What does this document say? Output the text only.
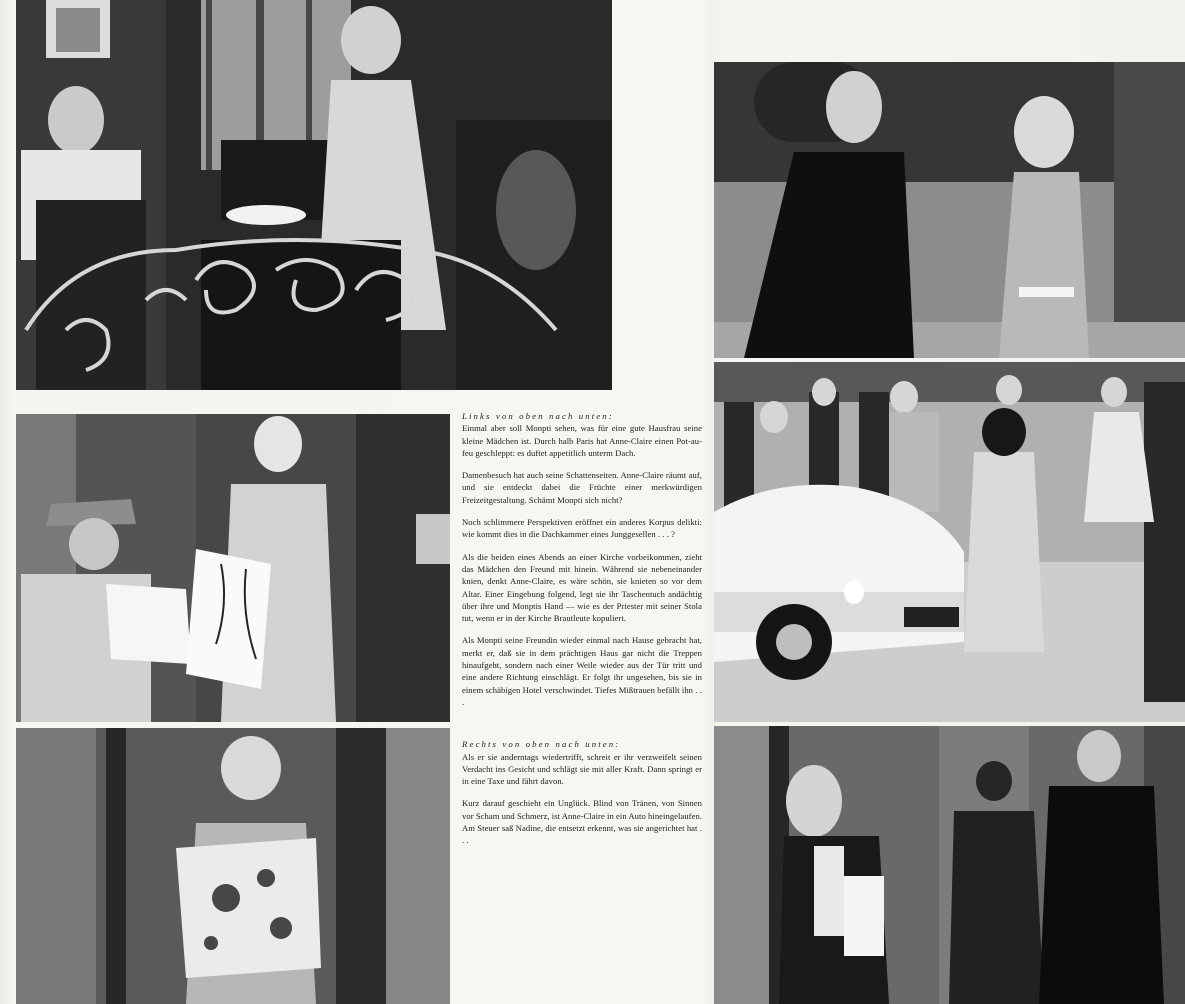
Links von oben nach unten:

Einmal aber soll Monpti sehen, was für eine gute Hausfrau seine kleine Mädchen ist. Durch halb Paris hat Anne-Claire einen Pot-au-feu geschleppt: es duftet appetitlich unterm Dach.

Damenbesuch hat auch seine Schattenseiten. Anne-Claire räumt auf, und sie entdeckt dabei die Früchte einer merkwürdigen Freizeitgestaltung. Schämt Monpti sich nicht?

Noch schlimmere Perspektiven eröffnet ein anderes Korpus delikti: wie kommt dies in die Dachkammer eines Junggesellen . . . ?

Als die beiden eines Abends an einer Kirche vorbeikommen, zieht das Mädchen den Freund mit hinein. Während sie nebeneinander knien, denkt Anne-Claire, es wäre schön, sie knieten so vor dem Altar. Einer Eingebung folgend, legt sie ihr Taschentuch andächtig über ihre und Monptis Hand — wie es der Priester mit seiner Stola tut, wenn er in der Kirche Brautleute kopuliert.

Als Monpti seine Freundin wieder einmal nach Hause gebracht hat, merkt er, daß sie in dem prächtigen Haus gar nicht die Treppen hinaufgeht, sondern nach einer Weile wieder aus der Tür tritt und eine andere Richtung einschlägt. Er folgt ihr ungesehen, bis sie in einem schäbigen Hotel verschwindet. Tiefes Mißtrauen befällt ihn . . .

Rechts von oben nach unten:

Als er sie anderntags wiedertrifft, schreit er ihr verzweifelt seinen Verdacht ins Gesicht und schlägt sie mit aller Kraft. Dann springt er in eine Taxe und fährt davon.

Kurz darauf geschieht ein Unglück. Blind von Tränen, von Sinnen vor Scham und Schmerz, ist Anne-Claire in ein Auto hineingelaufen. Am Steuer saß Nadine, die entsetzt erkennt, was sie angerichtet hat . . .
